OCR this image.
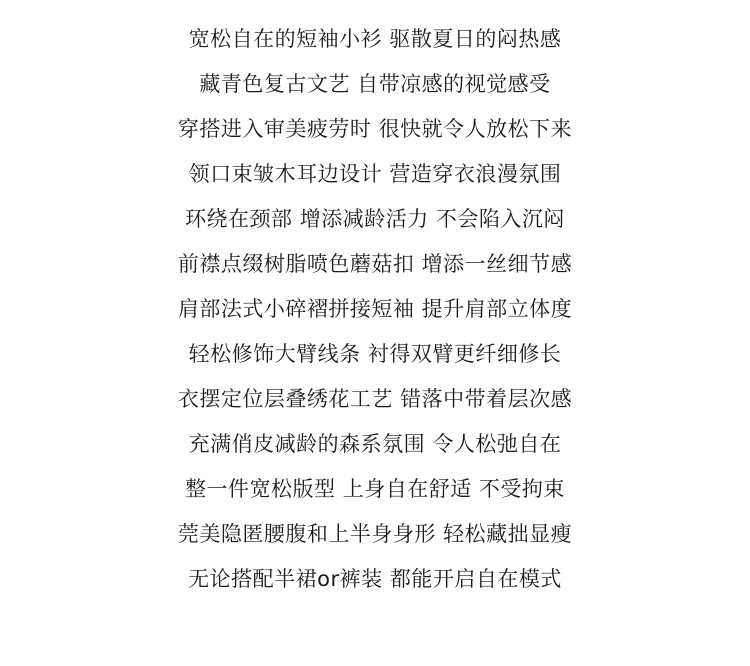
宽松自在的短袖小衫 驱散夏日的闷热感
藏青色复古文艺 自带凉感的视觉感受
穿搭进入审美疲劳时 很快就令人放松下来
领口束皱木耳边设计 营造穿衣浪漫氛围
环绕在颈部 增添减龄活力 不会陷入沉闷
前襟点缀树脂喷色蘑菇扣 增添一丝细节感
肩部法式小碎褶拼接短袖 提升肩部立体度
轻松修饰大臂线条 衬得双臂更纤细修长
衣摆定位层叠绣花工艺 错落中带着层次感
充满俏皮减龄的森系氛围 令人松弛自在
整一件宽松版型 上身自在舒适 不受拘束
莞美隐匿腰腹和上半身身形 轻松藏拙显瘦
无论搭配半裙or裤装 都能开启自在模式
